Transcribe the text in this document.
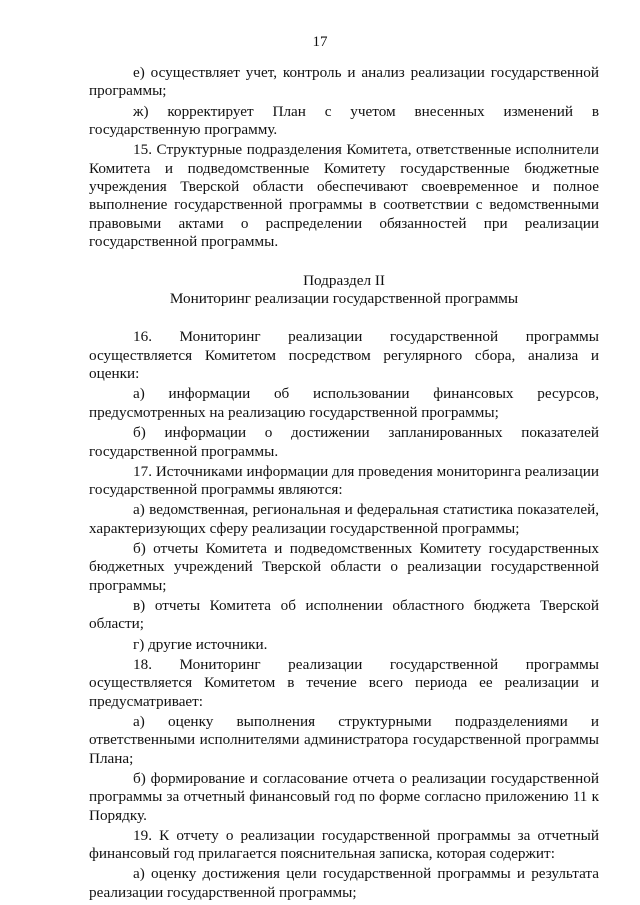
17

е) осуществляет учет, контроль и анализ реализации государственной программы;

ж) корректирует План с учетом внесенных изменений в государственную программу.

15. Структурные подразделения Комитета, ответственные исполнители Комитета и подведомственные Комитету государственные бюджетные учреждения Тверской области обеспечивают своевременное и полное выполнение государственной программы в соответствии с ведомственными правовыми актами о распределении обязанностей при реализации государственной программы.

Подраздел II

Мониторинг реализации государственной программы

16. Мониторинг реализации государственной программы осуществляется Комитетом посредством регулярного сбора, анализа и оценки:

а) информации об использовании финансовых ресурсов, предусмотренных на реализацию государственной программы;

б) информации о достижении запланированных показателей государственной программы.

17. Источниками информации для проведения мониторинга реализации государственной программы являются:

а) ведомственная, региональная и федеральная статистика показателей, характеризующих сферу реализации государственной программы;

б) отчеты Комитета и подведомственных Комитету государственных бюджетных учреждений Тверской области о реализации государственной программы;

в) отчеты Комитета об исполнении областного бюджета Тверской области;

г) другие источники.

18. Мониторинг реализации государственной программы осуществляется Комитетом в течение всего периода ее реализации и предусматривает:

а) оценку выполнения структурными подразделениями и ответственными исполнителями администратора государственной программы Плана;

б) формирование и согласование отчета о реализации государственной программы за отчетный финансовый год по форме согласно приложению 11 к Порядку.

19. К отчету о реализации государственной программы за отчетный финансовый год прилагается пояснительная записка, которая содержит:

а) оценку достижения цели государственной программы и результата реализации государственной программы;
